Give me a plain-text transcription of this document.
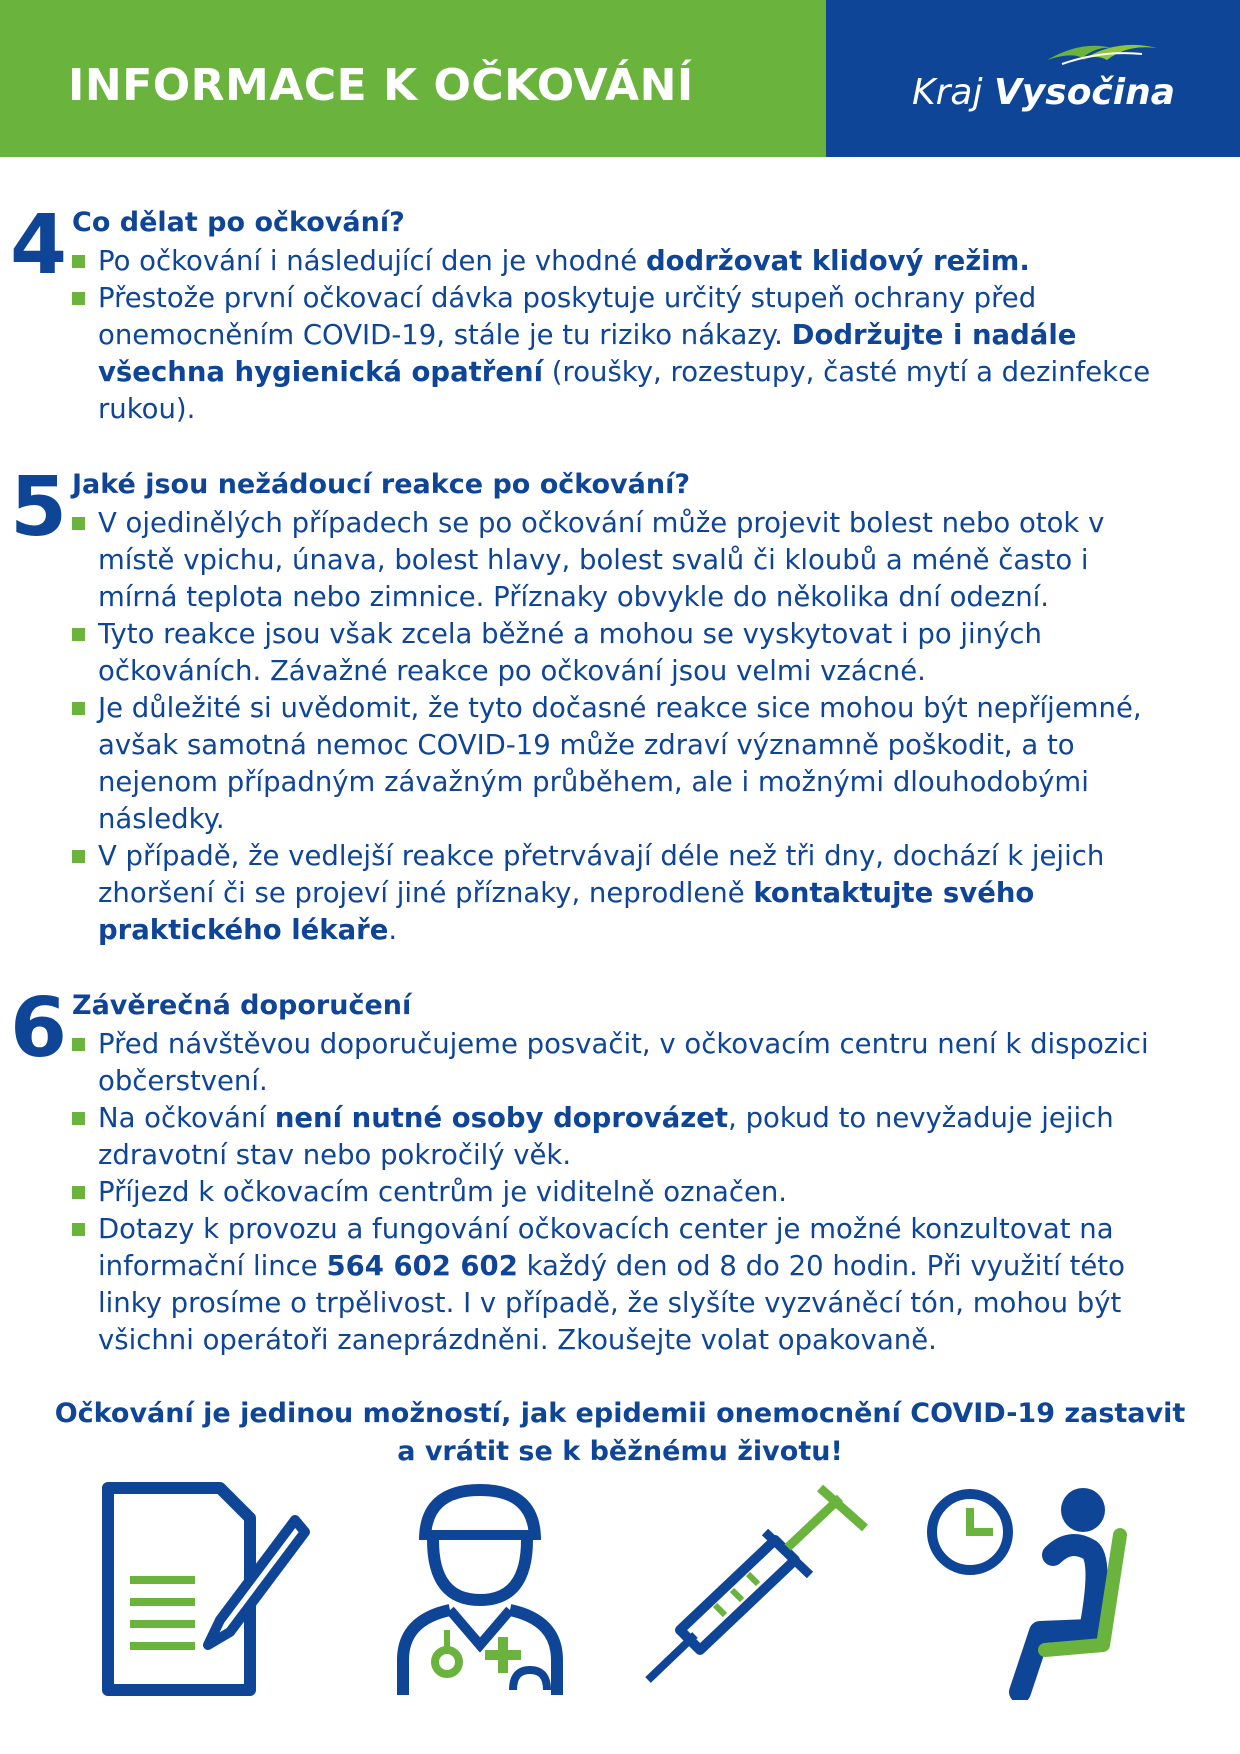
INFORMACE K OČKOVÁNÍ	Kraj Vysočina
4 Co dělat po očkování?
Po očkování i následující den je vhodné dodržovat klidový režim.
Přestože první očkovací dávka poskytuje určitý stupeň ochrany před onemocněním COVID-19, stále je tu riziko nákazy. Dodržujte i nadále všechna hygienická opatření (roušky, rozestupy, časté mytí a dezinfekce rukou).
5 Jaké jsou nežádoucí reakce po očkování?
V ojedinělých případech se po očkování může projevit bolest nebo otok v místě vpichu, únava, bolest hlavy, bolest svalů či kloubů a méně často i mírná teplota nebo zimnice. Příznaky obvykle do několika dní odezní.
Tyto reakce jsou však zcela běžné a mohou se vyskytovat i po jiných očkováních. Závažné reakce po očkování jsou velmi vzácné.
Je důležité si uvědomit, že tyto dočasné reakce sice mohou být nepříjemné, avšak samotná nemoc COVID-19 může zdraví významně poškodit, a to nejenom případným závažným průběhem, ale i možnými dlouhodobými následky.
V případě, že vedlejší reakce přetrvávají déle než tři dny, dochází k jejich zhoršení či se projeví jiné příznaky, neprodleně kontaktujte svého praktického lékaře.
6 Závěrečná doporučení
Před návštěvou doporučujeme posvačit, v očkovacím centru není k dispozici občerstvení.
Na očkování není nutné osoby doprovázet, pokud to nevyžaduje jejich zdravotní stav nebo pokročilý věk.
Příjezd k očkovacím centrům je viditelně označen.
Dotazy k provozu a fungování očkovacích center je možné konzultovat na informační lince 564 602 602 každý den od 8 do 20 hodin. Při využití této linky prosíme o trpělivost. I v případě, že slyšíte vyzváněcí tón, mohou být všichni operátoři zaneprázdněni. Zkoušejte volat opakovaně.
Očkování je jedinou možností, jak epidemii onemocnění COVID-19 zastavit
a vrátit se k běžnému životu!
